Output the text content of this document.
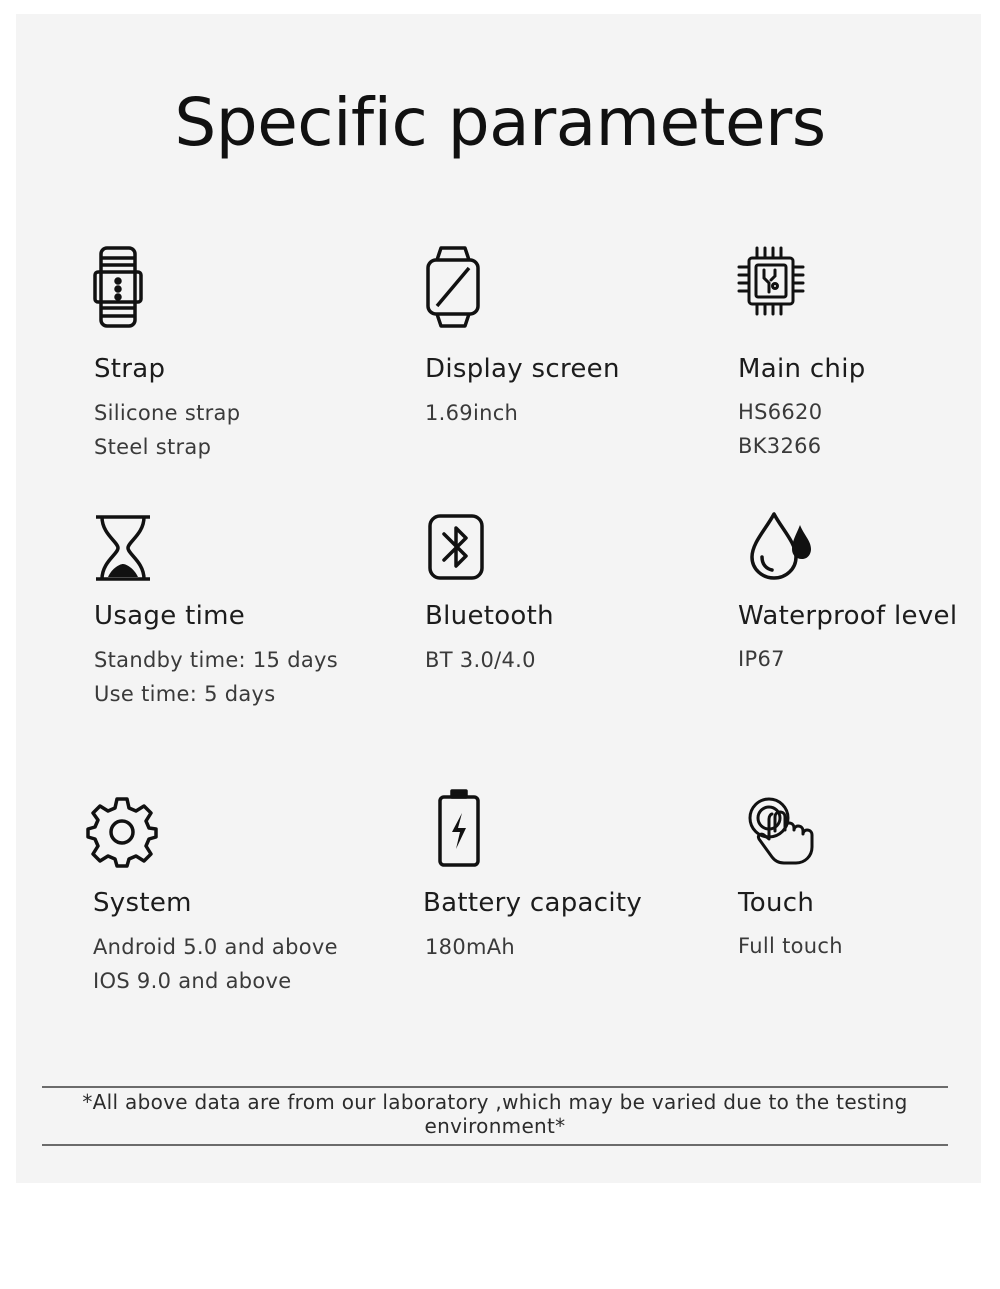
Specific parameters
Strap
Silicone strap
Steel strap
Display screen
1.69inch
Main chip
HS6620
BK3266
Usage time
Standby time: 15 days
Use time: 5 days
Bluetooth
BT 3.0/4.0
Waterproof level
IP67
System
Android 5.0 and above
IOS 9.0 and above
Battery capacity
180mAh
Touch
Full touch
*All above data are from our laboratory ,which may be varied due to the testing environment*
